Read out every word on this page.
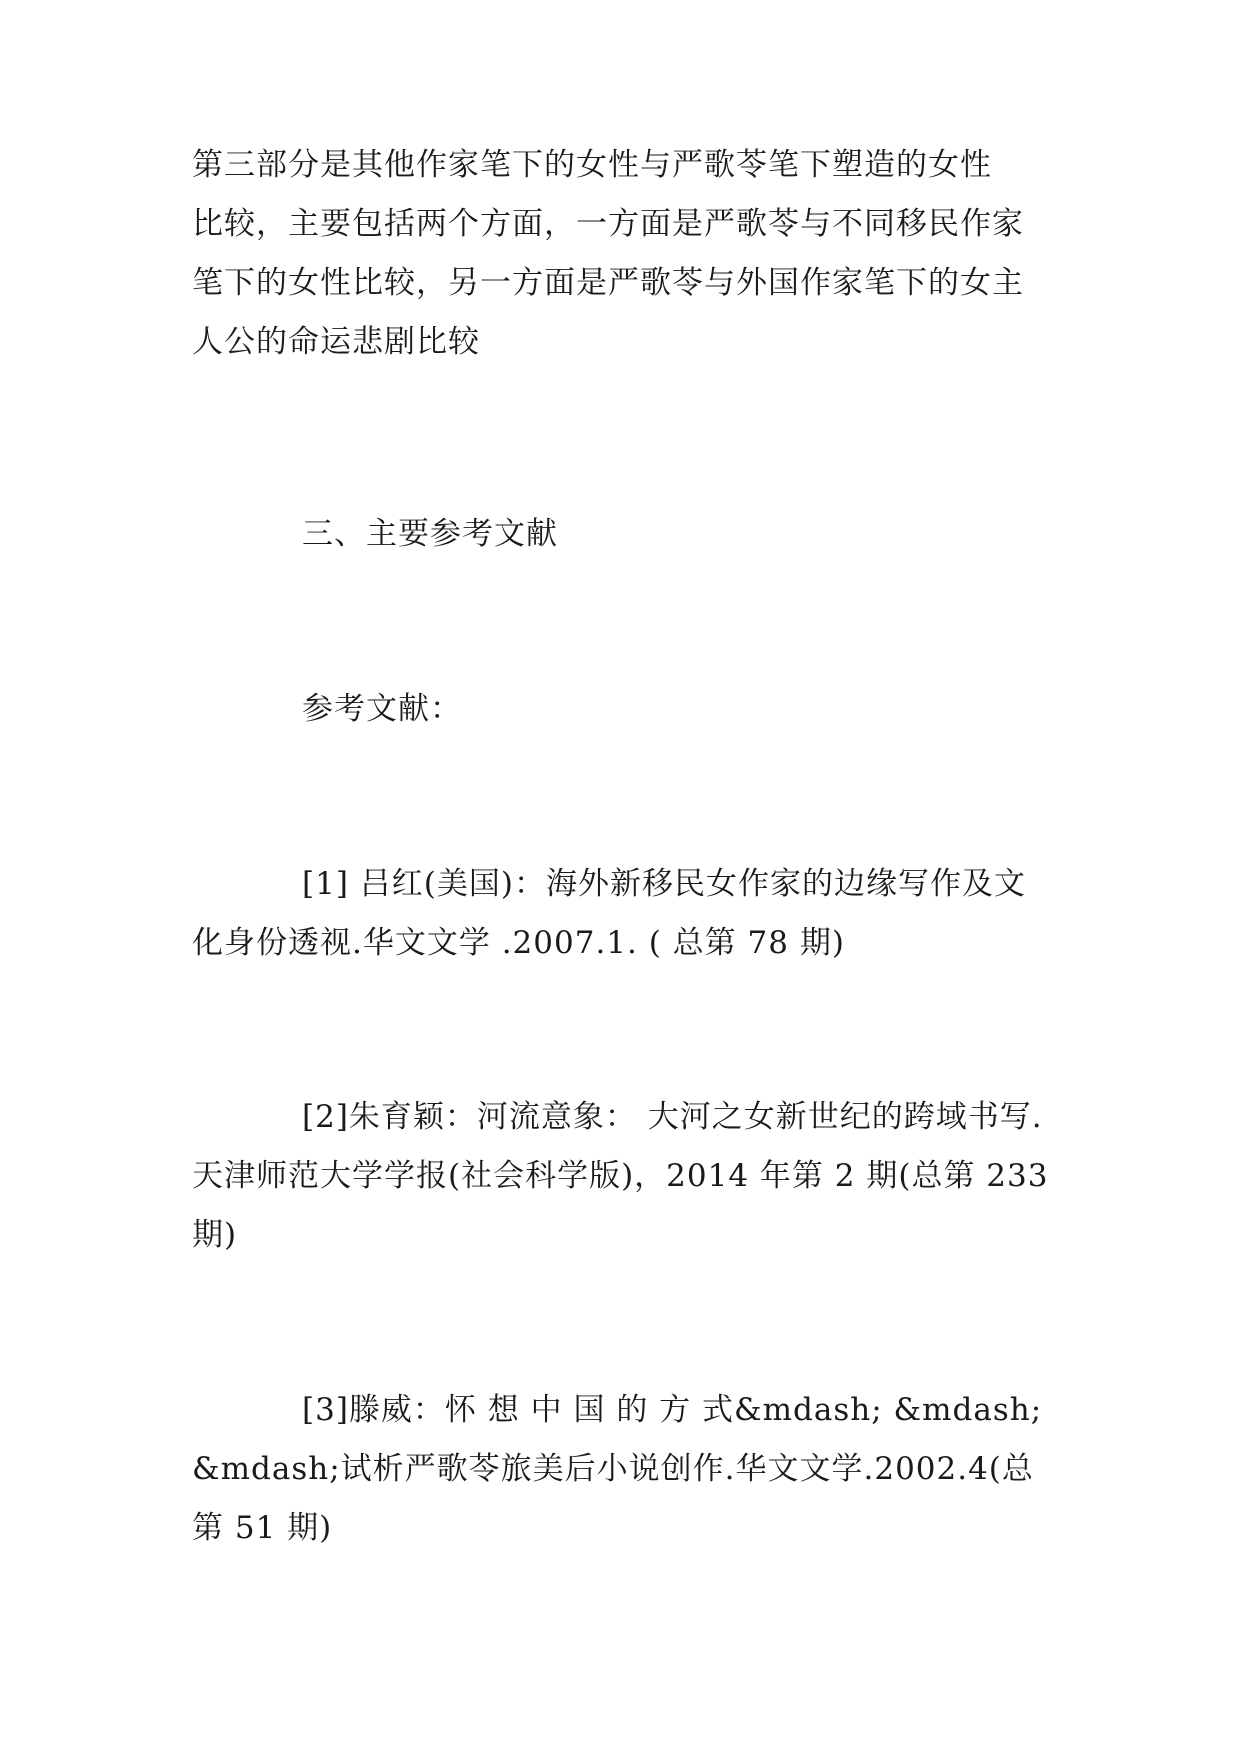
第三部分是其他作家笔下的女性与严歌苓笔下塑造的女性
比较，主要包括两个方面，一方面是严歌苓与不同移民作家
笔下的女性比较，另一方面是严歌苓与外国作家笔下的女主
人公的命运悲剧比较

三、主要参考文献

参考文献：

[1] 吕红(美国)：海外新移民女作家的边缘写作及文
化身份透视.华文文学 .2007.1. ( 总第 78 期)

[2]朱育颖：河流意象： 大河之女新世纪的跨域书写.
天津师范大学学报(社会科学版)，2014 年第 2 期(总第 233
期)

[3]滕威：怀 想 中 国 的 方 式&mdash; &mdash;
&mdash;试析严歌苓旅美后小说创作.华文文学.2002.4(总
第 51 期)
